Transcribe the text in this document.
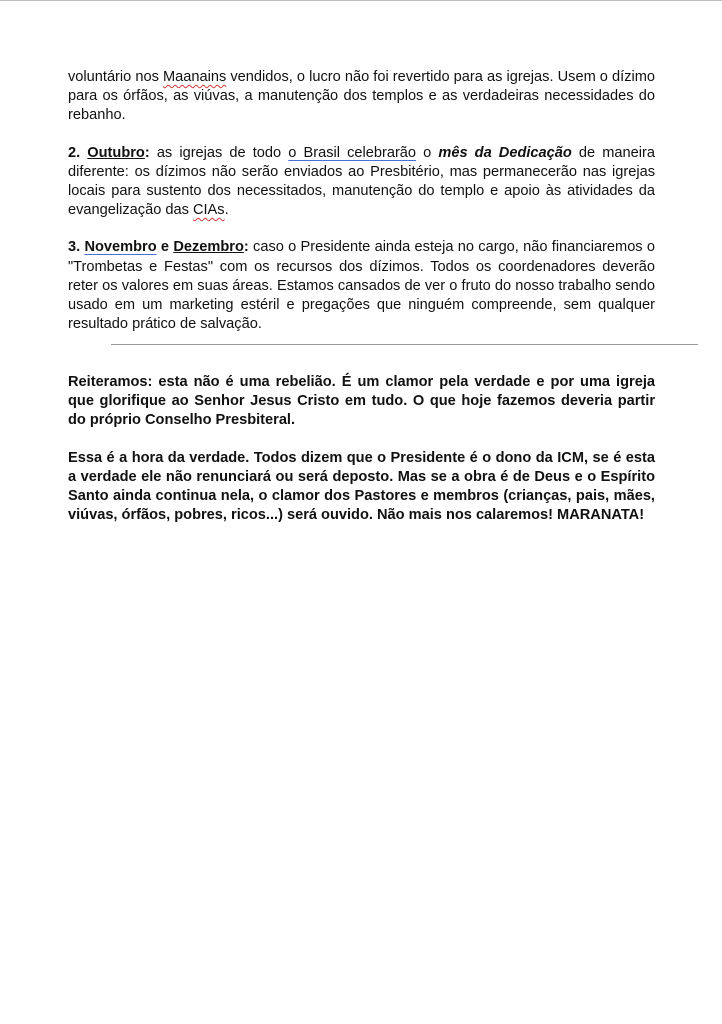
voluntário nos Maanains vendidos, o lucro não foi revertido para as igrejas. Usem o dízimo para os órfãos, as viúvas, a manutenção dos templos e as verdadeiras necessidades do rebanho.

2. Outubro: as igrejas de todo o Brasil celebrarão o mês da Dedicação de maneira diferente: os dízimos não serão enviados ao Presbitério, mas permanecerão nas igrejas locais para sustento dos necessitados, manutenção do templo e apoio às atividades da evangelização das CIAs.

3. Novembro e Dezembro: caso o Presidente ainda esteja no cargo, não financiaremos o "Trombetas e Festas" com os recursos dos dízimos. Todos os coordenadores deverão reter os valores em suas áreas. Estamos cansados de ver o fruto do nosso trabalho sendo usado em um marketing estéril e pregações que ninguém compreende, sem qualquer resultado prático de salvação.

Reiteramos: esta não é uma rebelião. É um clamor pela verdade e por uma igreja que glorifique ao Senhor Jesus Cristo em tudo. O que hoje fazemos deveria partir do próprio Conselho Presbiteral.

Essa é a hora da verdade. Todos dizem que o Presidente é o dono da ICM, se é esta a verdade ele não renunciará ou será deposto. Mas se a obra é de Deus e o Espírito Santo ainda continua nela, o clamor dos Pastores e membros (crianças, pais, mães, viúvas, órfãos, pobres, ricos...) será ouvido. Não mais nos calaremos! MARANATA!
